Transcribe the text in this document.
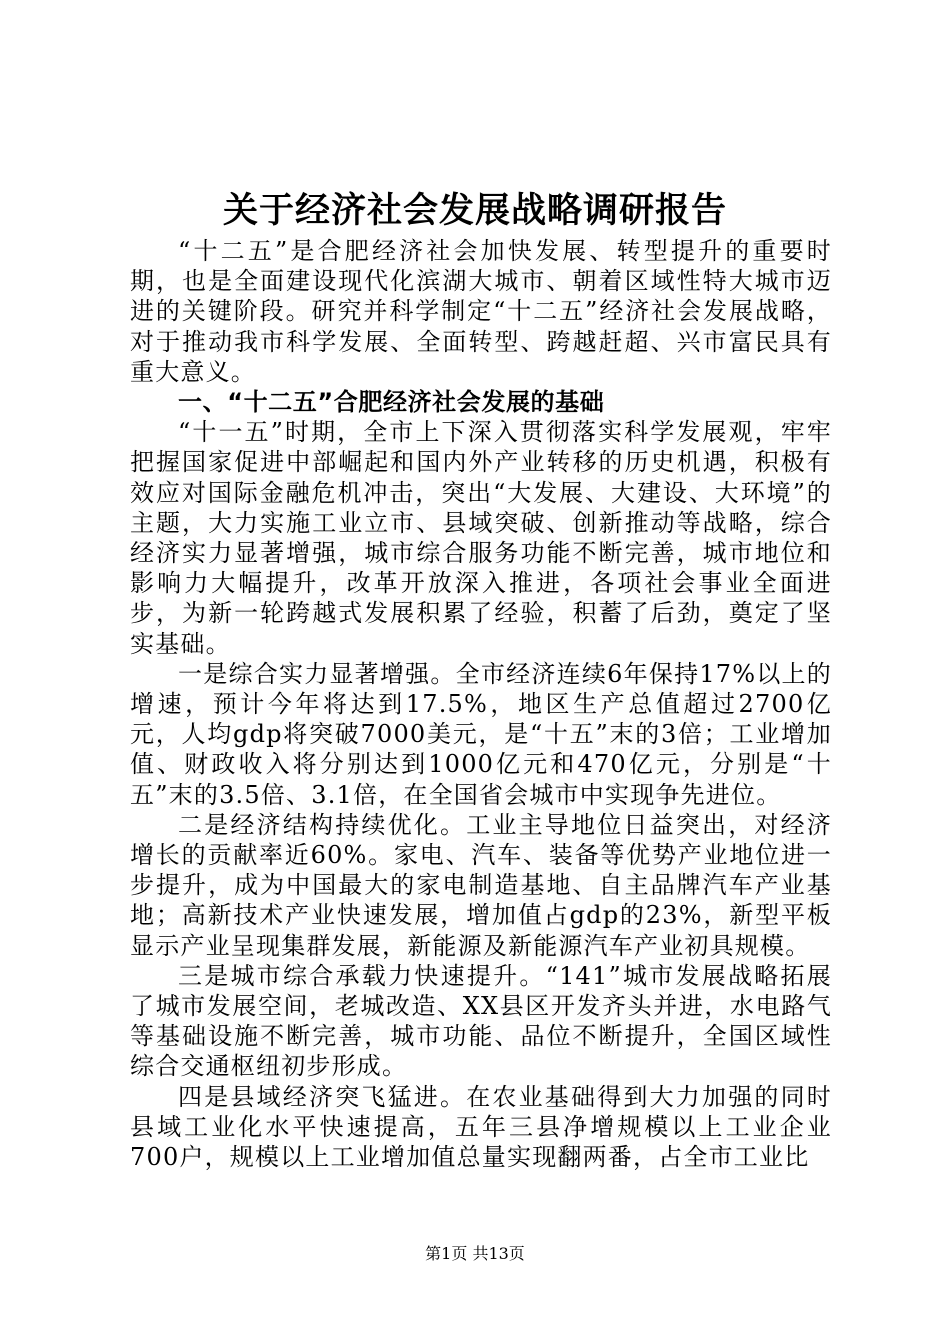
关于经济社会发展战略调研报告

“十二五”是合肥经济社会加快发展、转型提升的重要时期，也是全面建设现代化滨湖大城市、朝着区域性特大城市迈进的关键阶段。研究并科学制定“十二五”经济社会发展战略，对于推动我市科学发展、全面转型、跨越赶超、兴市富民具有重大意义。

一、“十二五”合肥经济社会发展的基础

“十一五”时期，全市上下深入贯彻落实科学发展观，牢牢把握国家促进中部崛起和国内外产业转移的历史机遇，积极有效应对国际金融危机冲击，突出“大发展、大建设、大环境”的主题，大力实施工业立市、县域突破、创新推动等战略，综合经济实力显著增强，城市综合服务功能不断完善，城市地位和影响力大幅提升，改革开放深入推进，各项社会事业全面进步，为新一轮跨越式发展积累了经验，积蓄了后劲，奠定了坚实基础。

一是综合实力显著增强。全市经济连续6年保持17%以上的增速，预计今年将达到17.5%，地区生产总值超过2700亿元，人均gdp将突破7000美元，是“十五”末的3倍；工业增加值、财政收入将分别达到1000亿元和470亿元，分别是“十五”末的3.5倍、3.1倍，在全国省会城市中实现争先进位。

二是经济结构持续优化。工业主导地位日益突出，对经济增长的贡献率近60%。家电、汽车、装备等优势产业地位进一步提升，成为中国最大的家电制造基地、自主品牌汽车产业基地；高新技术产业快速发展，增加值占gdp的23%，新型平板显示产业呈现集群发展，新能源及新能源汽车产业初具规模。

三是城市综合承载力快速提升。“141”城市发展战略拓展了城市发展空间，老城改造、XX县区开发齐头并进，水电路气等基础设施不断完善，城市功能、品位不断提升，全国区域性综合交通枢纽初步形成。

四是县域经济突飞猛进。在农业基础得到大力加强的同时县域工业化水平快速提高，五年三县净增规模以上工业企业700户，规模以上工业增加值总量实现翻两番，占全市工业比

第1页 共13页
